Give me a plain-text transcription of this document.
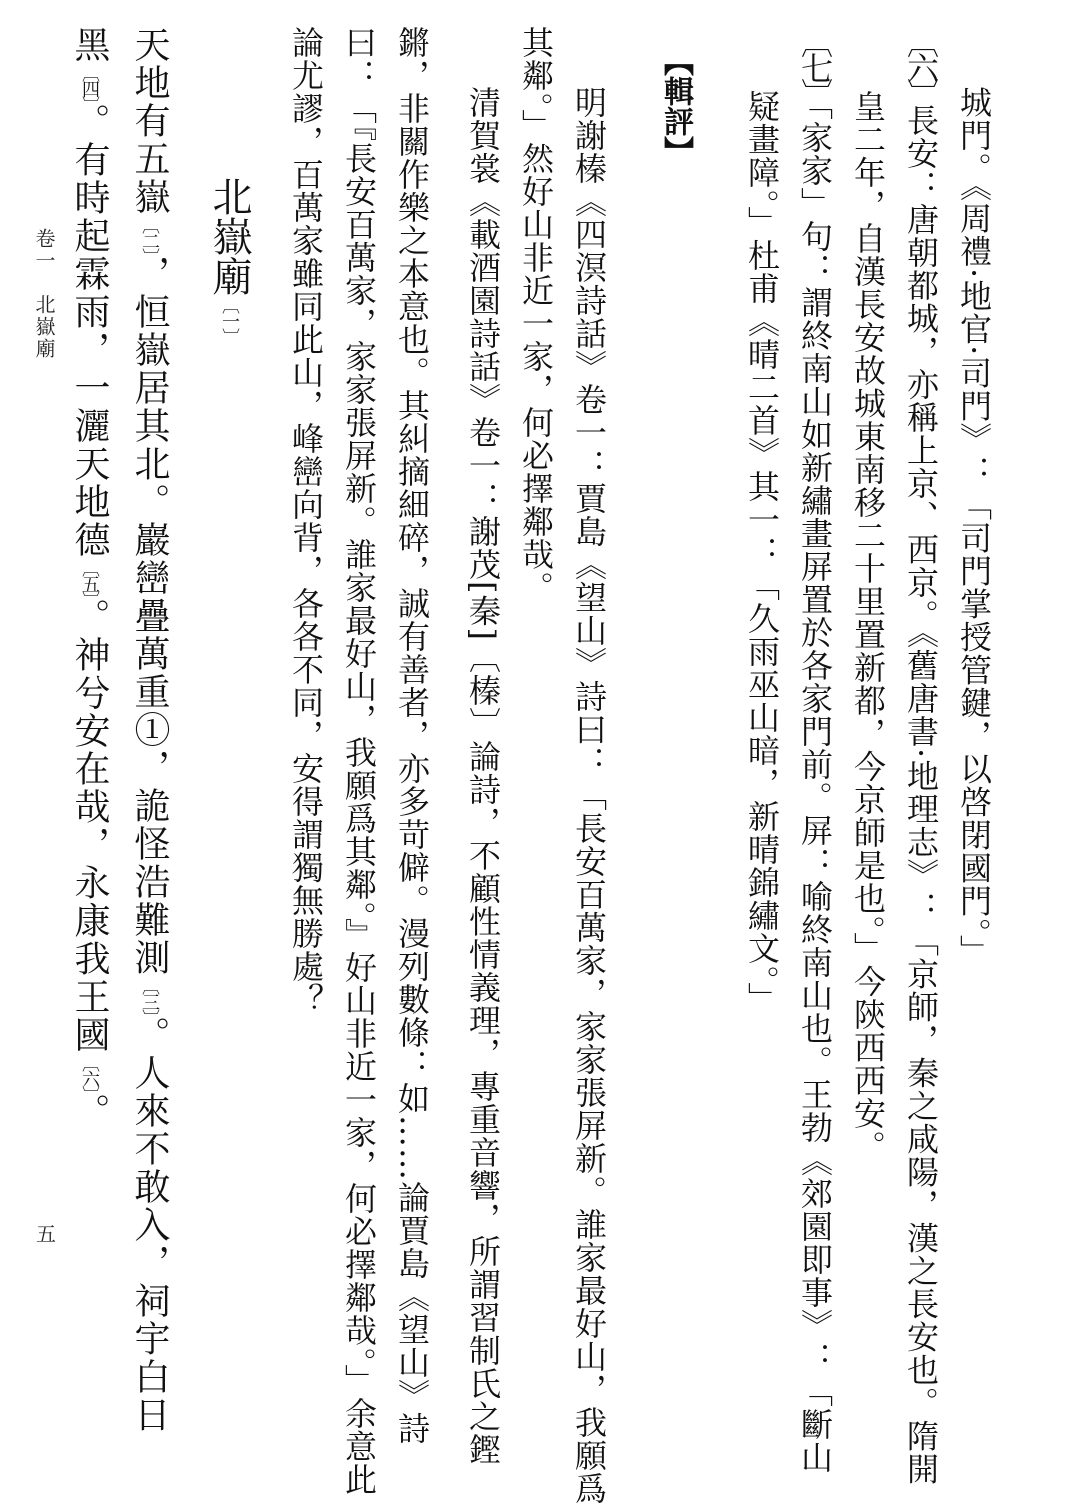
城門。《周禮·地官·司門》：「司門掌授管鍵，以啓閉國門。」

〔六〕長安：唐朝都城，亦稱上京、西京。《舊唐書·地理志》：「京師，秦之咸陽，漢之長安也。隋開

皇二年，自漢長安故城東南移二十里置新都，今京師是也。」今陝西西安。

〔七〕「家家」句：謂終南山如新繡畫屏置於各家門前。屏：喻終南山也。王勃《郊園即事》：「斷山

疑畫障。」杜甫《晴二首》其一：「久雨巫山暗，新晴錦繡文。」

【輯評】

明謝榛《四溟詩話》卷一：賈島《望山》詩曰：「長安百萬家，家家張屏新。誰家最好山，我願爲

其鄰。」然好山非近一家，何必擇鄰哉。

清賀裳《載酒園詩話》卷一：謝茂[秦]〔榛〕論詩，不顧性情義理，專重音響，所謂習制氏之鏗

鏘，非關作樂之本意也。其糾摘細碎，誠有善者，亦多苛僻。漫列數條：如……論賈島《望山》詩

曰：「『長安百萬家，家家張屏新。誰家最好山，我願爲其鄰。』好山非近一家，何必擇鄰哉。」余意此

論尤謬，百萬家雖同此山，峰巒向背，各各不同，安得謂獨無勝處？

北嶽廟〔一〕

天地有五嶽〔二〕，恒嶽居其北。巖巒疊萬重①，詭怪浩難測〔三〕。人來不敢入，祠宇白日

黑〔四〕。有時起霖雨，一灑天地德〔五〕。神兮安在哉，永康我王國〔六〕。

卷一　北嶽廟
五
